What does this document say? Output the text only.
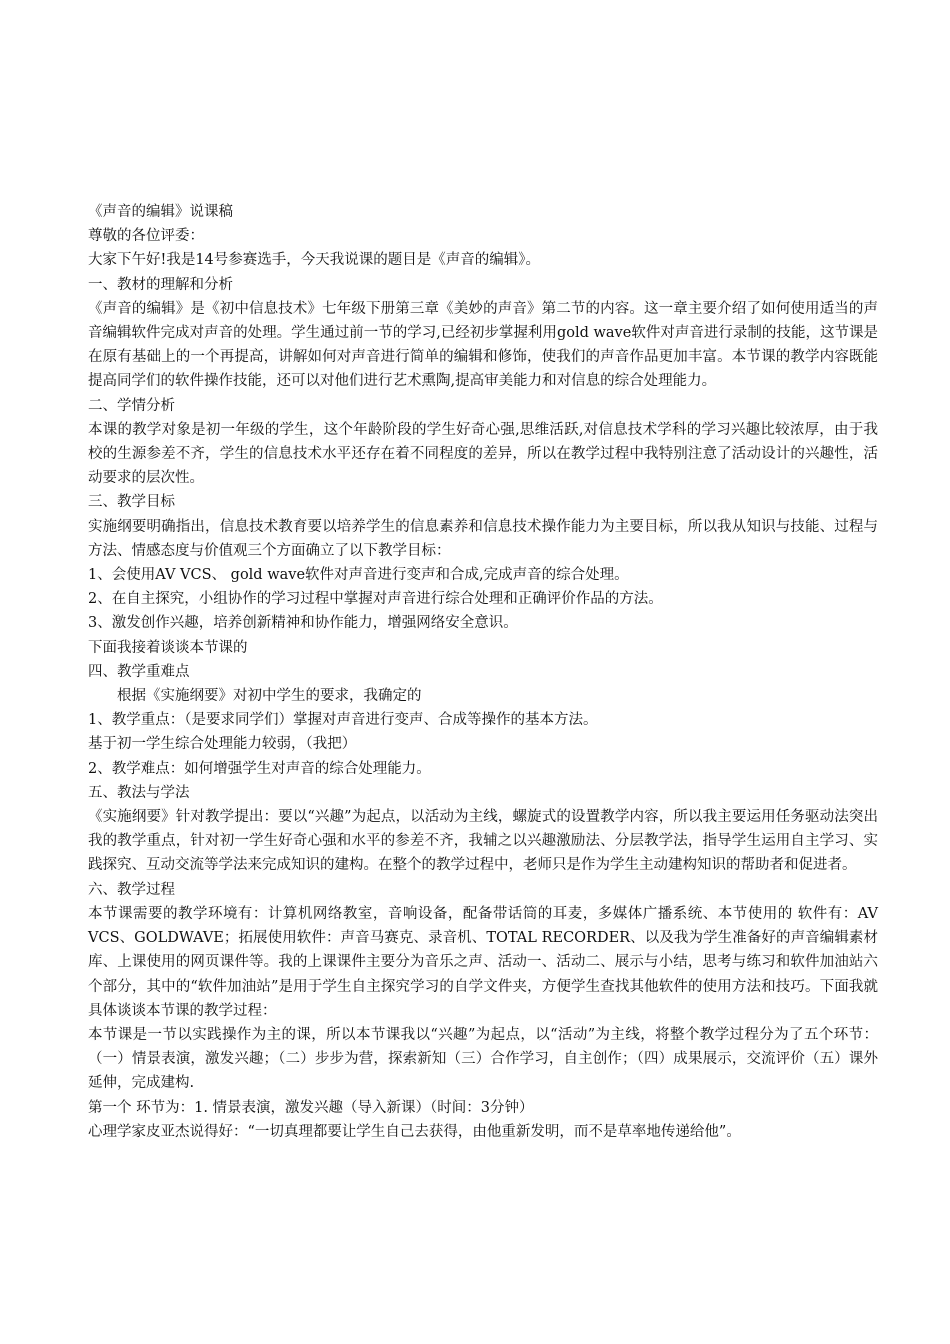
《声音的编辑》说课稿

尊敬的各位评委：

大家下午好!我是14号参赛选手，今天我说课的题目是《声音的编辑》。

一、教材的理解和分析

《声音的编辑》是《初中信息技术》七年级下册第三章《美妙的声音》第二节的内容。这一章主要介绍了如何使用适当的声音编辑软件完成对声音的处理。学生通过前一节的学习,已经初步掌握利用gold wave软件对声音进行录制的技能，这节课是在原有基础上的一个再提高，讲解如何对声音进行简单的编辑和修饰，使我们的声音作品更加丰富。本节课的教学内容既能提高同学们的软件操作技能，还可以对他们进行艺术熏陶,提高审美能力和对信息的综合处理能力。

二、学情分析

本课的教学对象是初一年级的学生，这个年龄阶段的学生好奇心强,思维活跃,对信息技术学科的学习兴趣比较浓厚，由于我校的生源参差不齐，学生的信息技术水平还存在着不同程度的差异，所以在教学过程中我特别注意了活动设计的兴趣性，活动要求的层次性。

三、教学目标

实施纲要明确指出，信息技术教育要以培养学生的信息素养和信息技术操作能力为主要目标，所以我从知识与技能、过程与方法、情感态度与价值观三个方面确立了以下教学目标：

1、会使用AV VCS、 gold wave软件对声音进行变声和合成,完成声音的综合处理。

2、在自主探究，小组协作的学习过程中掌握对声音进行综合处理和正确评价作品的方法。

3、激发创作兴趣，培养创新精神和协作能力，增强网络安全意识。

下面我接着谈谈本节课的

四、教学重难点

根据《实施纲要》对初中学生的要求，我确定的

1、教学重点：（是要求同学们）掌握对声音进行变声、合成等操作的基本方法。

基于初一学生综合处理能力较弱，（我把）

2、教学难点：如何增强学生对声音的综合处理能力。

五、教法与学法

《实施纲要》针对教学提出：要以“兴趣”为起点，以活动为主线，螺旋式的设置教学内容，所以我主要运用任务驱动法突出我的教学重点，针对初一学生好奇心强和水平的参差不齐，我辅之以兴趣激励法、分层教学法，指导学生运用自主学习、实践探究、互动交流等学法来完成知识的建构。在整个的教学过程中，老师只是作为学生主动建构知识的帮助者和促进者。

六、教学过程

本节课需要的教学环境有：计算机网络教室，音响设备，配备带话筒的耳麦，多媒体广播系统、本节使用的 软件有：AV VCS、GOLDWAVE；拓展使用软件：声音马赛克、录音机、TOTAL RECORDER、以及我为学生准备好的声音编辑素材库、上课使用的网页课件等。我的上课课件主要分为音乐之声、活动一、活动二、展示与小结，思考与练习和软件加油站六个部分，其中的“软件加油站”是用于学生自主探究学习的自学文件夹，方便学生查找其他软件的使用方法和技巧。下面我就具体谈谈本节课的教学过程：

本节课是一节以实践操作为主的课，所以本节课我以“兴趣”为起点，以“活动”为主线，将整个教学过程分为了五个环节：（一）情景表演，激发兴趣；（二）步步为营，探索新知（三）合作学习，自主创作；（四）成果展示，交流评价（五）课外延伸，完成建构.

第一个 环节为：1. 情景表演，激发兴趣（导入新课）（时间：3分钟）

心理学家皮亚杰说得好：“一切真理都要让学生自己去获得，由他重新发明，而不是草率地传递给他”。
